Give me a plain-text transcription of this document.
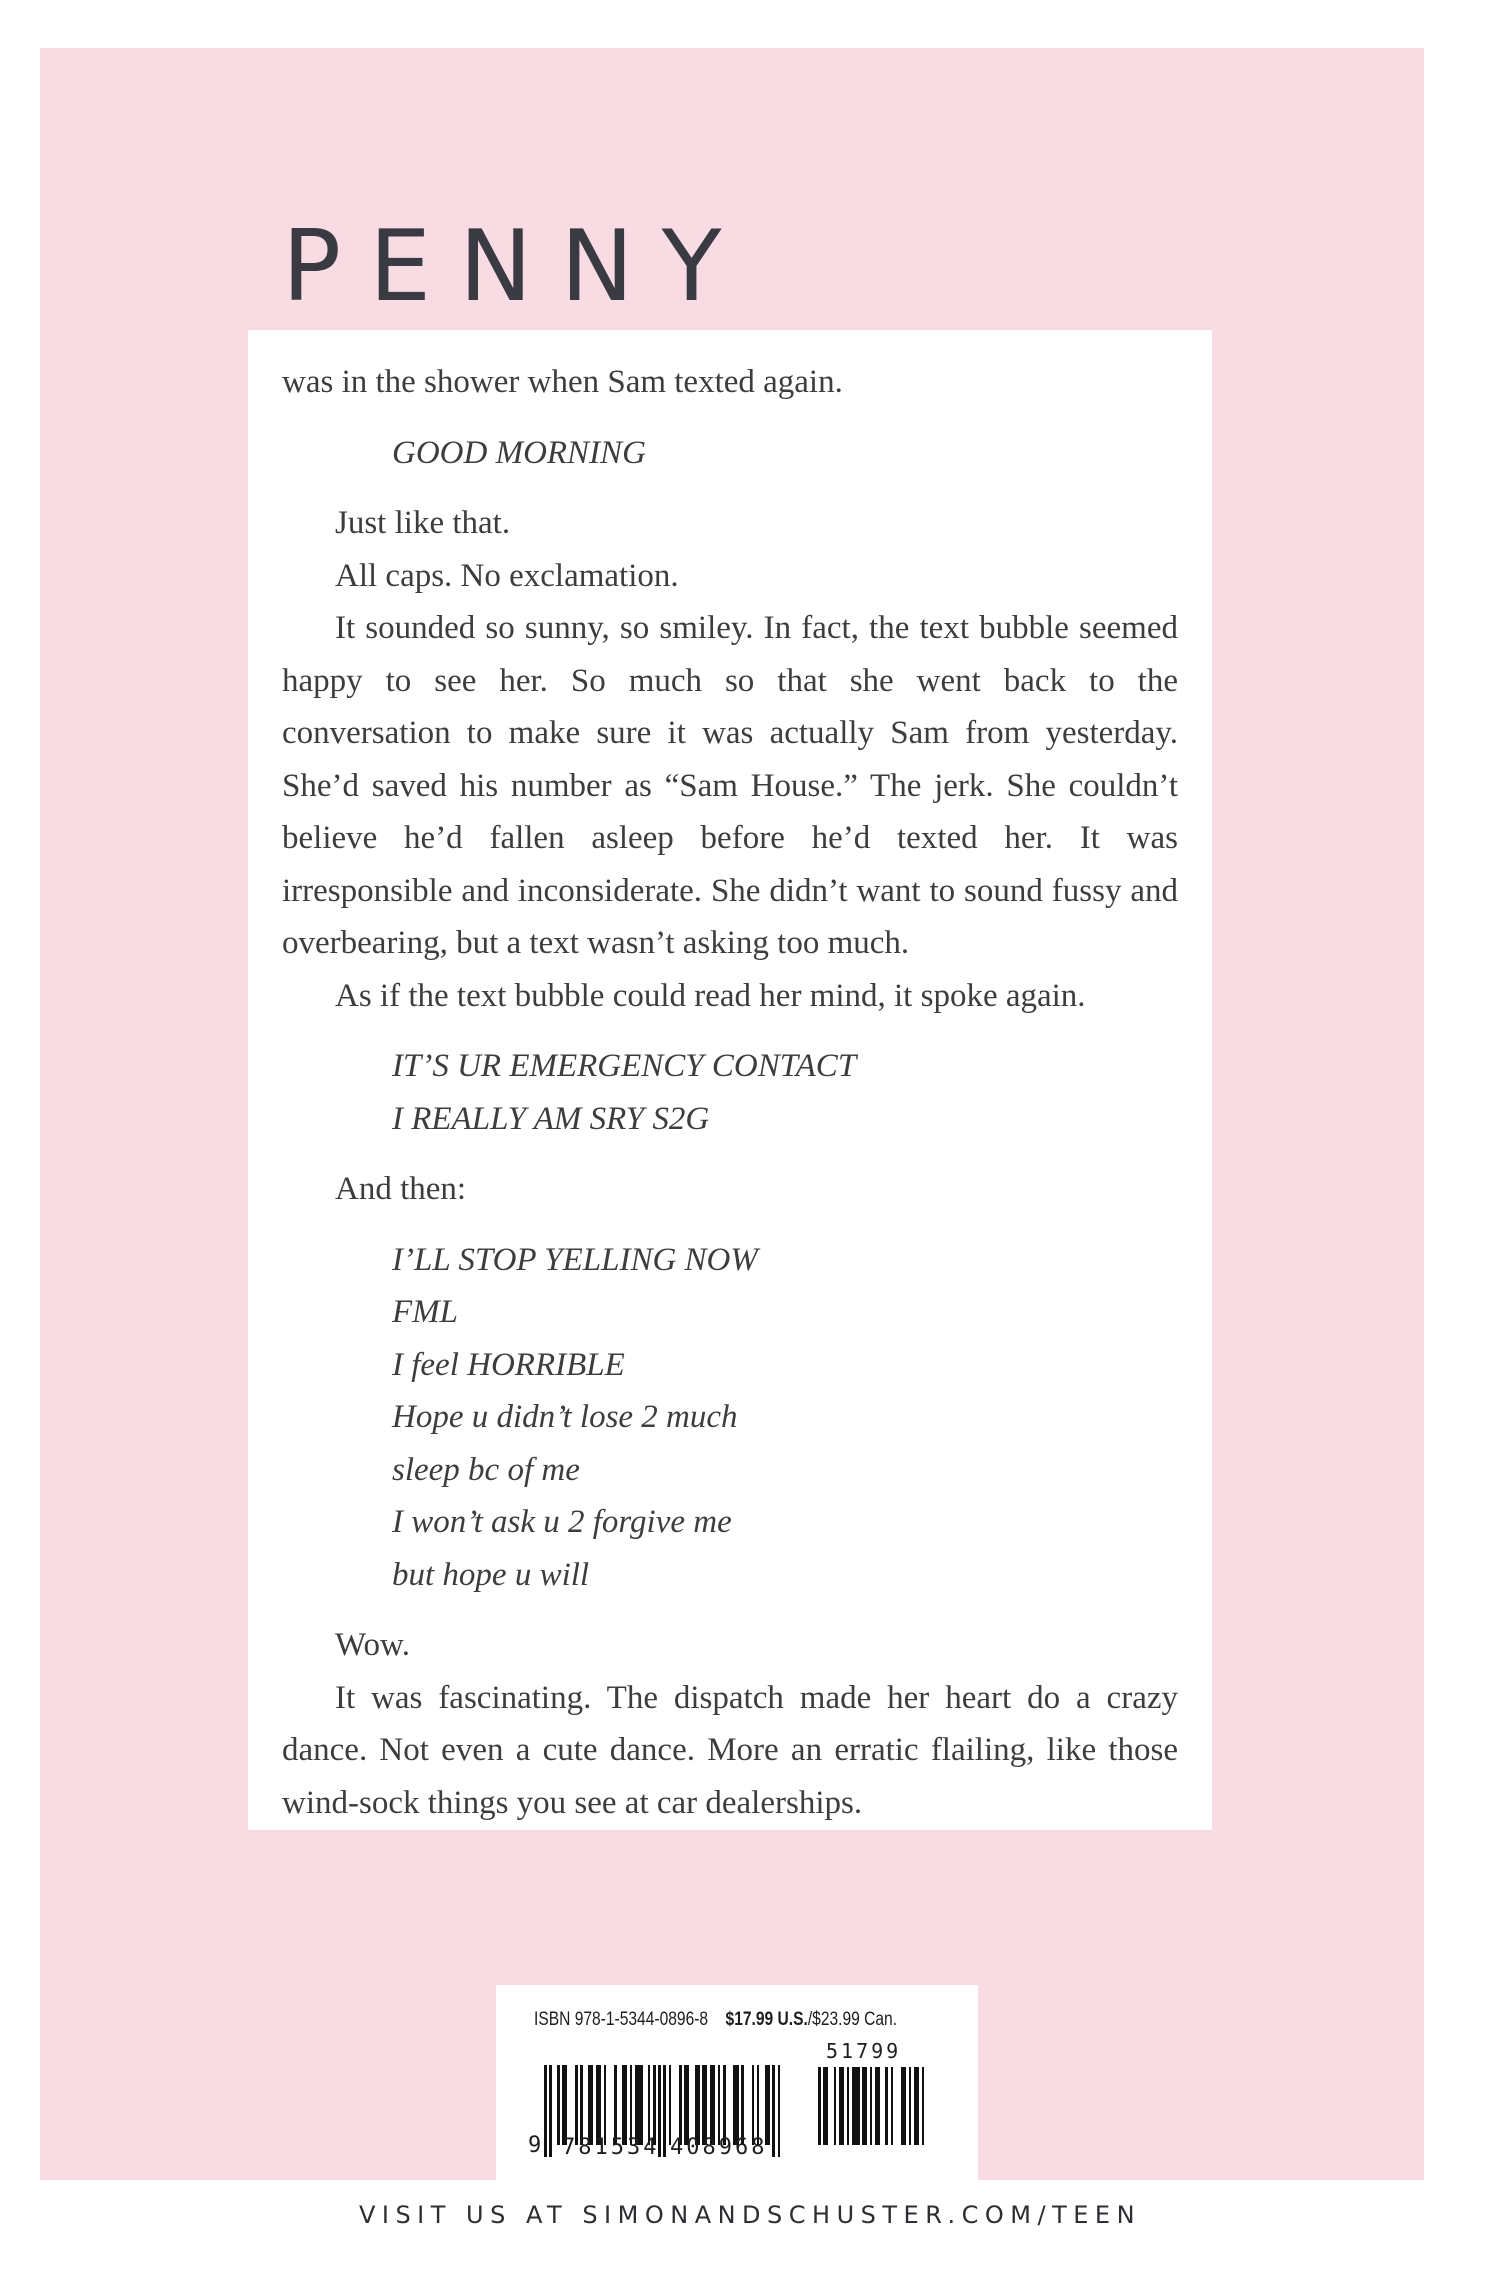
PENNY

was in the shower when Sam texted again.

GOOD MORNING

Just like that.

All caps. No exclamation.

It sounded so sunny, so smiley. In fact, the text bubble seemed happy to see her. So much so that she went back to the conversation to make sure it was actually Sam from yesterday. She’d saved his number as “Sam House.” The jerk. She couldn’t believe he’d fallen asleep before he’d texted her. It was irresponsible and inconsiderate. She didn’t want to sound fussy and overbearing, but a text wasn’t asking too much.

As if the text bubble could read her mind, it spoke again.

IT’S UR EMERGENCY CONTACT

I REALLY AM SRY S2G

And then:

I’LL STOP YELLING NOW

FML

I feel HORRIBLE

Hope u didn’t lose 2 much

sleep bc of me

I won’t ask u 2 forgive me

but hope u will

Wow.

It was fascinating. The dispatch made her heart do a crazy dance. Not even a cute dance. More an erratic flailing, like those wind-sock things you see at car dealerships.

ISBN 978-1-5344-0896-8 $17.99 U.S./$23.99 Can.
9 781534 408968
51799
VISIT US AT SIMONANDSCHUSTER.COM/TEEN
